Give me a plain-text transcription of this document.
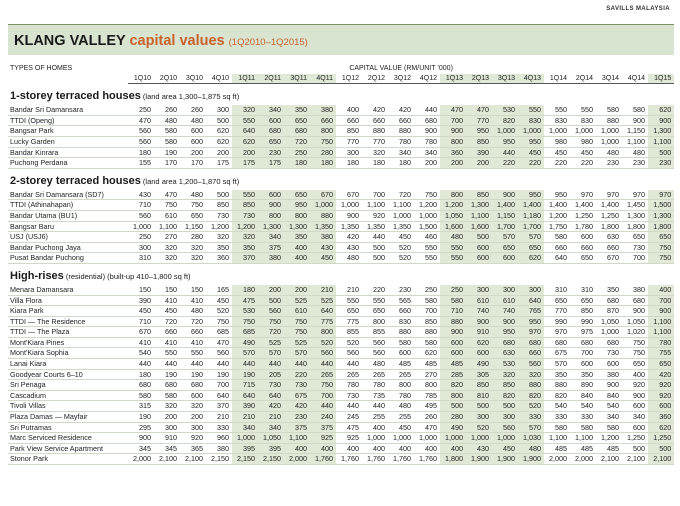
SAVILLS MALAYSIA
KLANG VALLEY capital values (1Q2010–1Q2015)
TYPES OF HOMES	CAPITAL VALUE (RM/UNIT ’000)																				
	1Q10	2Q10	3Q10	4Q10	1Q11	2Q11	3Q11	4Q11	1Q12	2Q12	3Q12	4Q12	1Q13	2Q13	3Q13	4Q13	1Q14	2Q14	3Q14	4Q14	1Q15

1-storey terraced houses (land area 1,300–1,875 sq ft)																					
Bandar Sri Damansara	250	260	260	300	320	340	350	380	400	420	420	440	470	470	530	550	550	550	580	580	620
TTDI (Openg)	470	480	480	500	550	600	650	660	660	660	660	680	700	770	820	830	830	830	880	900	900
Bangsar Park	560	580	600	620	640	680	680	800	850	880	880	900	900	950	1,000	1,000	1,000	1,000	1,000	1,150	1,300
Lucky Garden	560	580	600	620	620	650	720	750	770	770	780	780	800	850	950	950	980	980	1,000	1,100	1,100
Bandar Kinrara	180	190	200	200	200	230	250	280	300	320	340	340	360	390	440	450	450	450	480	480	500
Puchong Perdana	155	170	170	175	175	175	180	180	180	180	180	200	200	200	220	220	220	220	230	230	230

2-storey terraced houses (land area 1,200–1,870 sq ft)																					
Bandar Sri Damansara (SD7)	430	470	480	500	550	600	650	670	670	700	720	750	800	850	900	950	950	970	970	970	970
TTDI (Athinahapan)	710	750	750	850	850	900	950	1,000	1,000	1,100	1,100	1,200	1,200	1,300	1,400	1,400	1,400	1,400	1,400	1,450	1,500
Bandar Utama (BU1)	560	610	650	730	730	800	800	880	900	920	1,000	1,000	1,050	1,100	1,150	1,180	1,200	1,250	1,250	1,300	1,300
Bangsar Baru	1,000	1,100	1,150	1,200	1,200	1,300	1,300	1,350	1,350	1,350	1,350	1,500	1,600	1,600	1,700	1,700	1,750	1,780	1,800	1,800	1,800
USJ (USJ6)	250	270	280	320	320	340	350	380	420	440	450	460	480	500	570	570	580	600	630	650	650
Bandar Puchong Jaya	300	320	320	350	350	375	400	430	430	500	520	550	550	600	650	650	660	660	660	730	750
Pusat Bandar Puchong	310	320	320	360	370	380	400	450	480	500	520	550	550	600	600	620	640	650	670	700	750

High-rises (residential) (built-up 410–1,800 sq ft)																					
Menara Damansara	150	150	150	165	180	200	200	210	210	220	230	250	250	300	300	300	310	310	350	380	400
Villa Flora	390	410	410	450	475	500	525	525	550	550	565	580	580	610	610	640	650	650	680	680	700
Kiara Park	450	450	480	520	530	560	610	640	650	650	660	700	710	740	740	765	770	850	870	900	900
TTDI — The Residence	710	720	720	750	750	750	750	775	775	800	830	850	880	900	900	950	990	990	1,050	1,050	1,100
TTDI — The Plaza	670	660	660	685	685	720	750	800	855	855	880	880	900	910	950	970	970	975	1,000	1,020	1,100
Mont'Kiara Pines	410	410	410	470	490	525	525	520	520	560	580	580	600	620	680	680	680	680	680	750	780
Mont'Kiara Sophia	540	550	550	560	570	570	570	560	560	560	600	620	600	600	630	660	675	700	730	750	755
Lanai Kiara	440	440	440	440	440	440	440	440	440	480	485	485	485	490	530	560	570	600	600	650	650
Goodyear Courts 6–10	180	190	190	190	190	205	220	265	265	265	265	270	285	305	320	320	350	350	380	400	420
Sri Penaga	680	680	680	700	715	730	730	750	780	780	800	800	820	850	850	880	880	890	900	920	920
Cascadium	580	580	600	640	640	640	675	700	730	735	780	785	800	810	820	820	820	840	840	900	920
Tivoli Villas	315	320	320	370	390	420	420	440	440	440	480	495	500	500	500	520	540	540	540	600	600
Plaza Damas — Mayfair	190	200	200	210	210	210	230	240	245	255	255	260	280	300	300	330	330	330	340	340	360
Sri Putramas	295	300	300	330	340	340	375	375	475	400	450	470	490	520	560	570	580	580	580	600	620
Marc Serviced Residence	900	910	920	960	1,000	1,050	1,100	925	925	1,000	1,000	1,000	1,000	1,000	1,000	1,030	1,100	1,100	1,200	1,250	1,250
Park View Service Apartment	345	345	365	380	395	395	400	400	400	400	400	400	400	430	450	480	485	485	485	500	500
Stonor Park	2,000	2,100	2,100	2,150	2,150	2,150	2,000	1,760	1,760	1,760	1,760	1,760	1,800	1,900	1,900	1,900	2,000	2,000	2,100	2,100	2,100
